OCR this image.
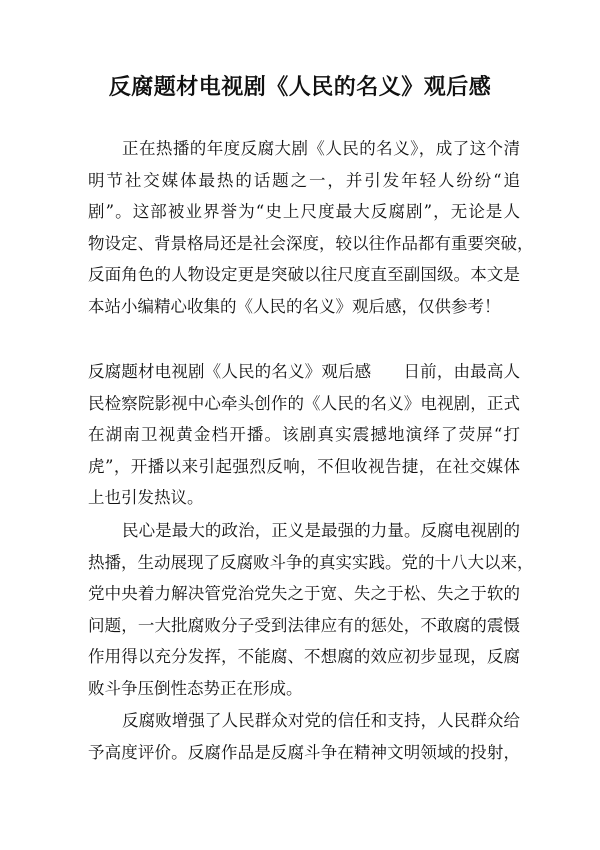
反腐题材电视剧《人民的名义》观后感
正在热播的年度反腐大剧《人民的名义》，成了这个清
明节社交媒体最热的话题之一，并引发年轻人纷纷“追
剧”。这部被业界誉为“史上尺度最大反腐剧”，无论是人
物设定、背景格局还是社会深度，较以往作品都有重要突破，
反面角色的人物设定更是突破以往尺度直至副国级。本文是
本站小编精心收集的《人民的名义》观后感，仅供参考！
反腐题材电视剧《人民的名义》观后感 日前，由最高人
民检察院影视中心牵头创作的《人民的名义》电视剧，正式
在湖南卫视黄金档开播。该剧真实震撼地演绎了荧屏“打
虎”，开播以来引起强烈反响，不但收视告捷，在社交媒体
上也引发热议。
民心是最大的政治，正义是最强的力量。反腐电视剧的
热播，生动展现了反腐败斗争的真实实践。党的十八大以来，
党中央着力解决管党治党失之于宽、失之于松、失之于软的
问题，一大批腐败分子受到法律应有的惩处，不敢腐的震慑
作用得以充分发挥，不能腐、不想腐的效应初步显现，反腐
败斗争压倒性态势正在形成。
反腐败增强了人民群众对党的信任和支持，人民群众给
予高度评价。反腐作品是反腐斗争在精神文明领域的投射，
